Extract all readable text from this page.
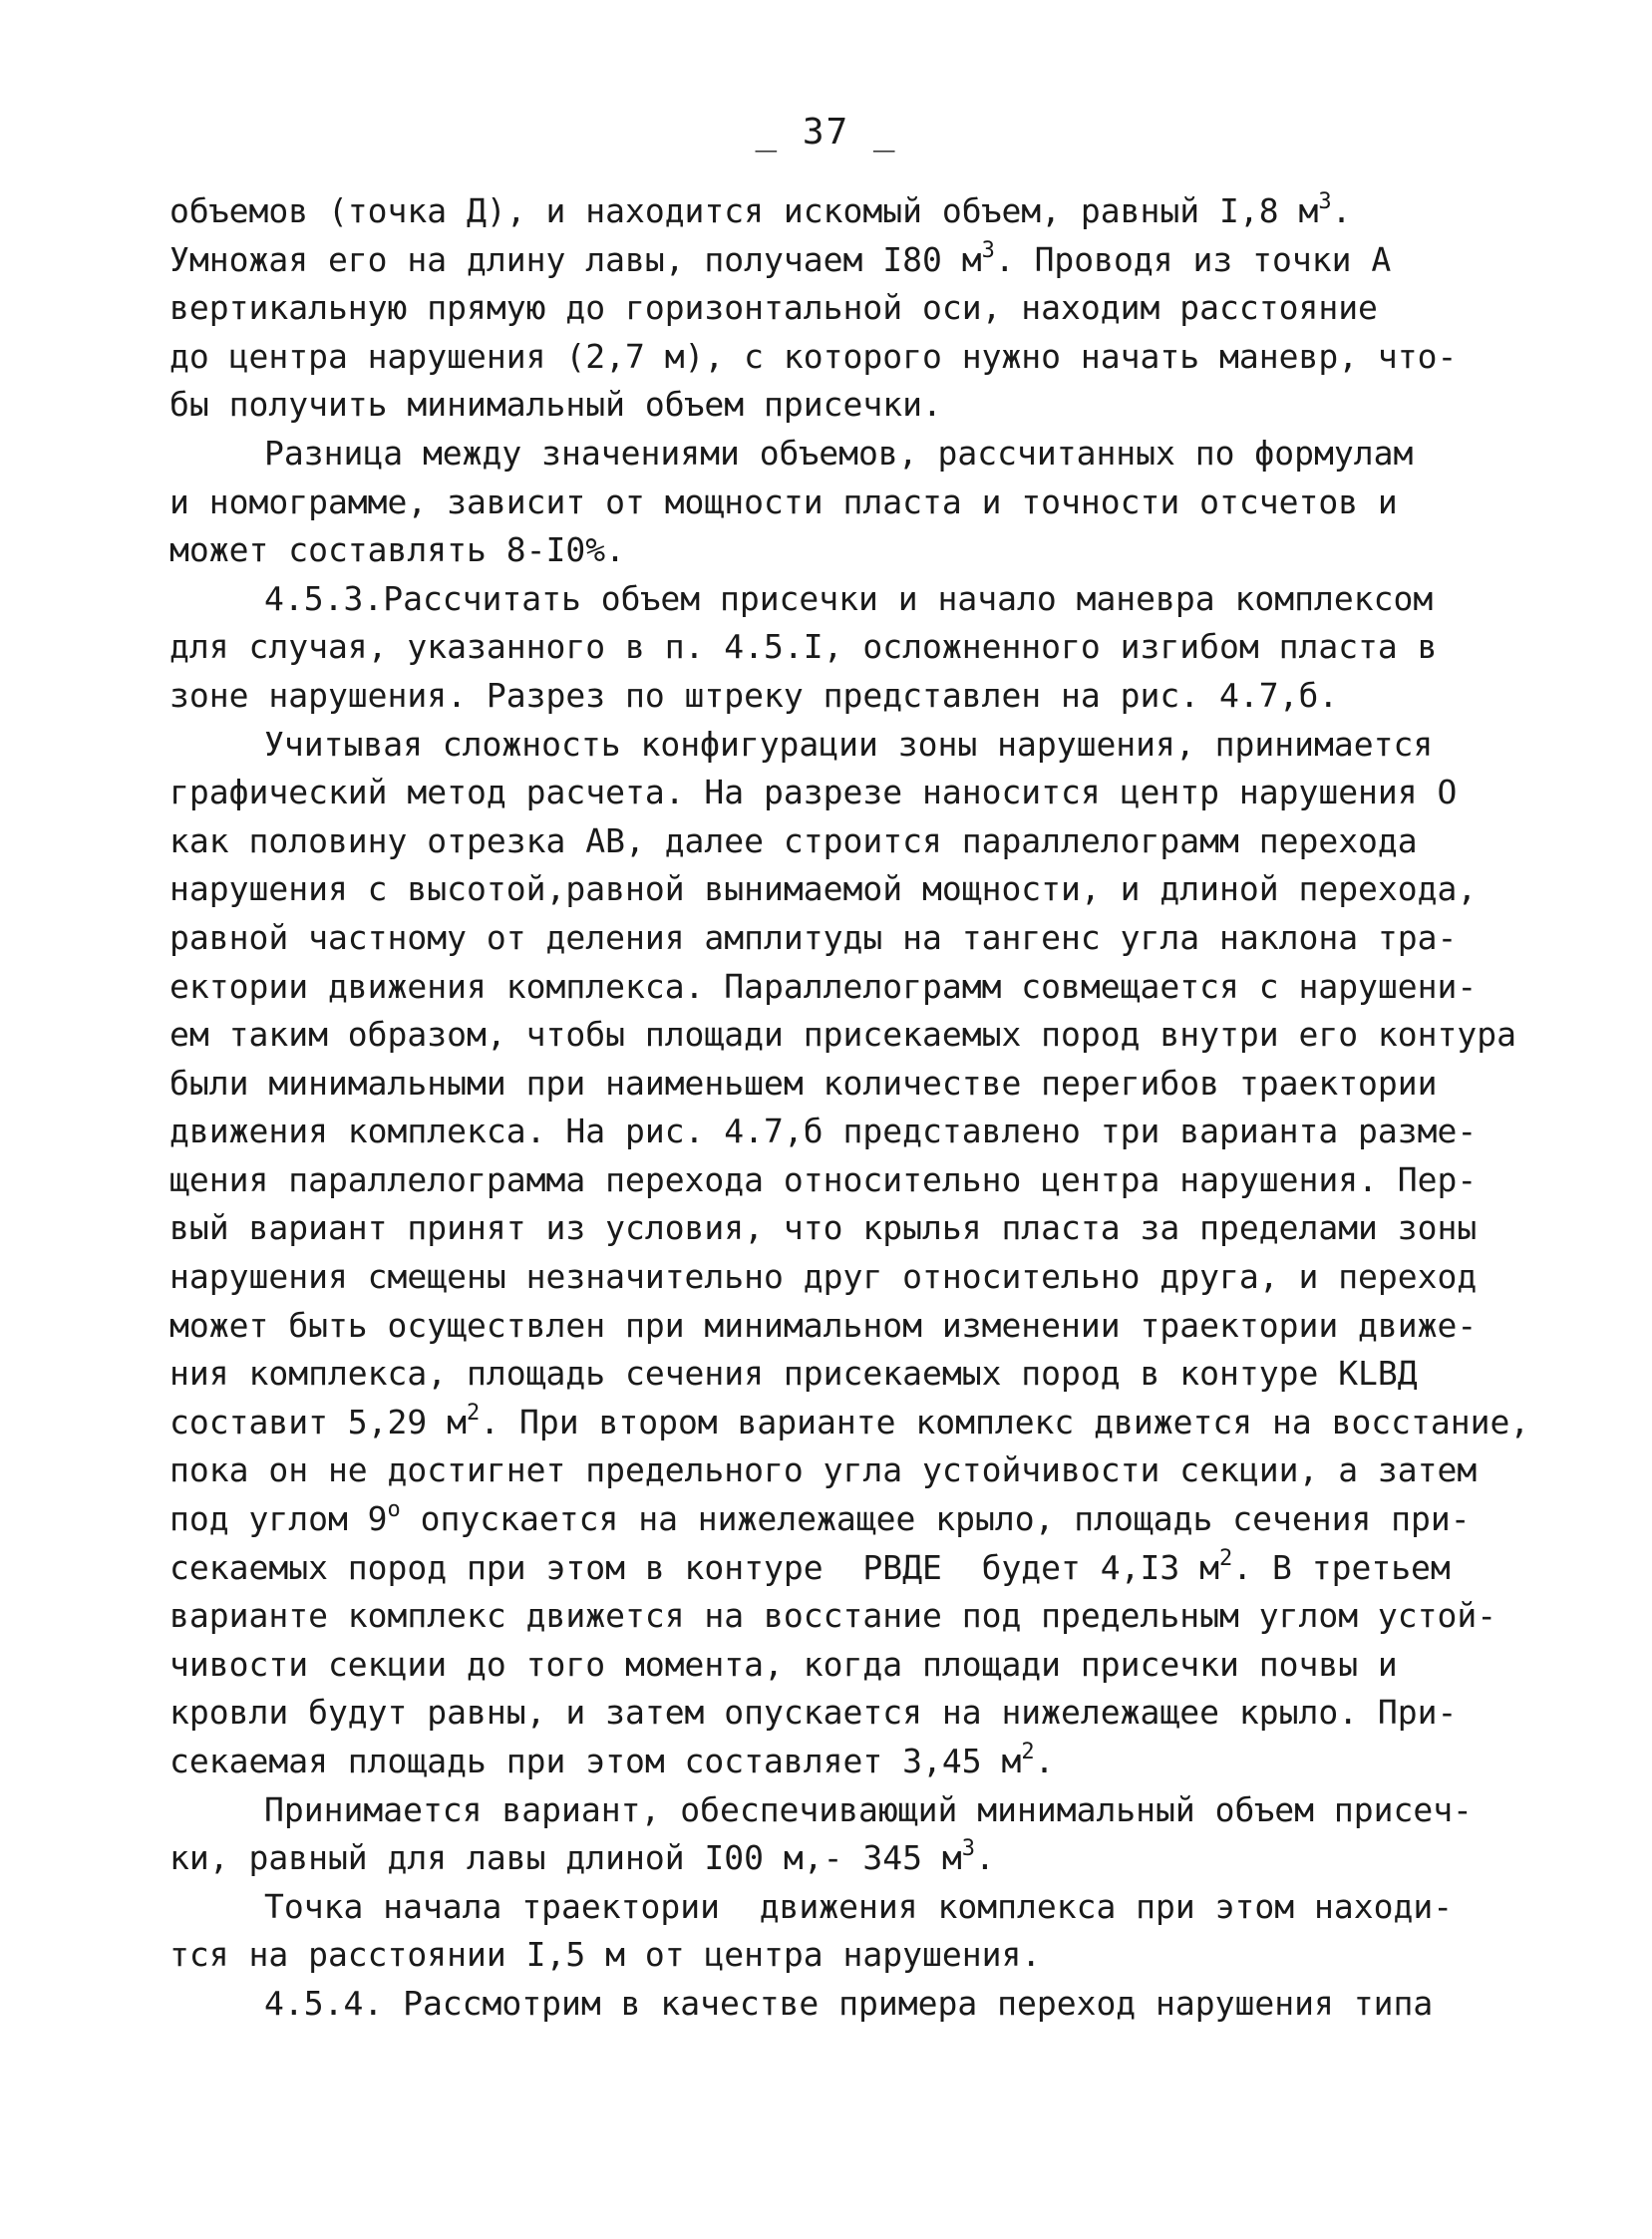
_ 37 _
объемов (точка Д), и находится искомый объем, равный I,8 $м^3$.
Умножая его на длину лавы, получаем I80 $м^3$. Проводя из точки А
вертикальную прямую до горизонтальной оси, находим расстояние
до центра нарушения (2,7 м), с которого нужно начать маневр, что-
бы получить минимальный объем присечки.
Разница между значениями объемов, рассчитанных по формулам
и номограмме, зависит от мощности пласта и точности отсчетов и
может составлять 8-I0%.
4.5.3.Рассчитать объем присечки и начало маневра комплексом
для случая, указанного в п. 4.5.I, осложненного изгибом пласта в
зоне нарушения. Разрез по штреку представлен на рис. 4.7,б.
Учитывая сложность конфигурации зоны нарушения, принимается
графический метод расчета. На разрезе наносится центр нарушения О
как половину отрезка АВ, далее строится параллелограмм перехода
нарушения с высотой,равной вынимаемой мощности, и длиной перехода,
равной частному от деления амплитуды на тангенс угла наклона тра-
ектории движения комплекса. Параллелограмм совмещается с нарушени-
ем таким образом, чтобы площади присекаемых пород внутри его контура
были минимальными при наименьшем количестве перегибов траектории
движения комплекса. На рис. 4.7,б представлено три варианта разме-
щения параллелограмма перехода относительно центра нарушения. Пер-
вый вариант принят из условия, что крылья пласта за пределами зоны
нарушения смещены незначительно друг относительно друга, и переход
может быть осуществлен при минимальном изменении траектории движе-
ния комплекса, площадь сечения присекаемых пород в контуре КLВД
составит 5,29 $м^2$. При втором варианте комплекс движется на восстание,
пока он не достигнет предельного угла устойчивости секции, а затем
под углом 9$^o$ опускается на нижележащее крыло, площадь сечения при-
секаемых пород при этом в контуре  РВДЕ  будет 4,I3 $м^2$. В третьем
варианте комплекс движется на восстание под предельным углом устой-
чивости секции до того момента, когда площади присечки почвы и
кровли будут равны, и затем опускается на нижележащее крыло. При-
секаемая площадь при этом составляет 3,45 $м^2$.
Принимается вариант, обеспечивающий минимальный объем присеч-
ки, равный для лавы длиной I00 м,- 345 $м^3$.
Точка начала траектории  движения комплекса при этом находи-
тся на расстоянии I,5 м от центра нарушения.
4.5.4. Рассмотрим в качестве примера переход нарушения типа
